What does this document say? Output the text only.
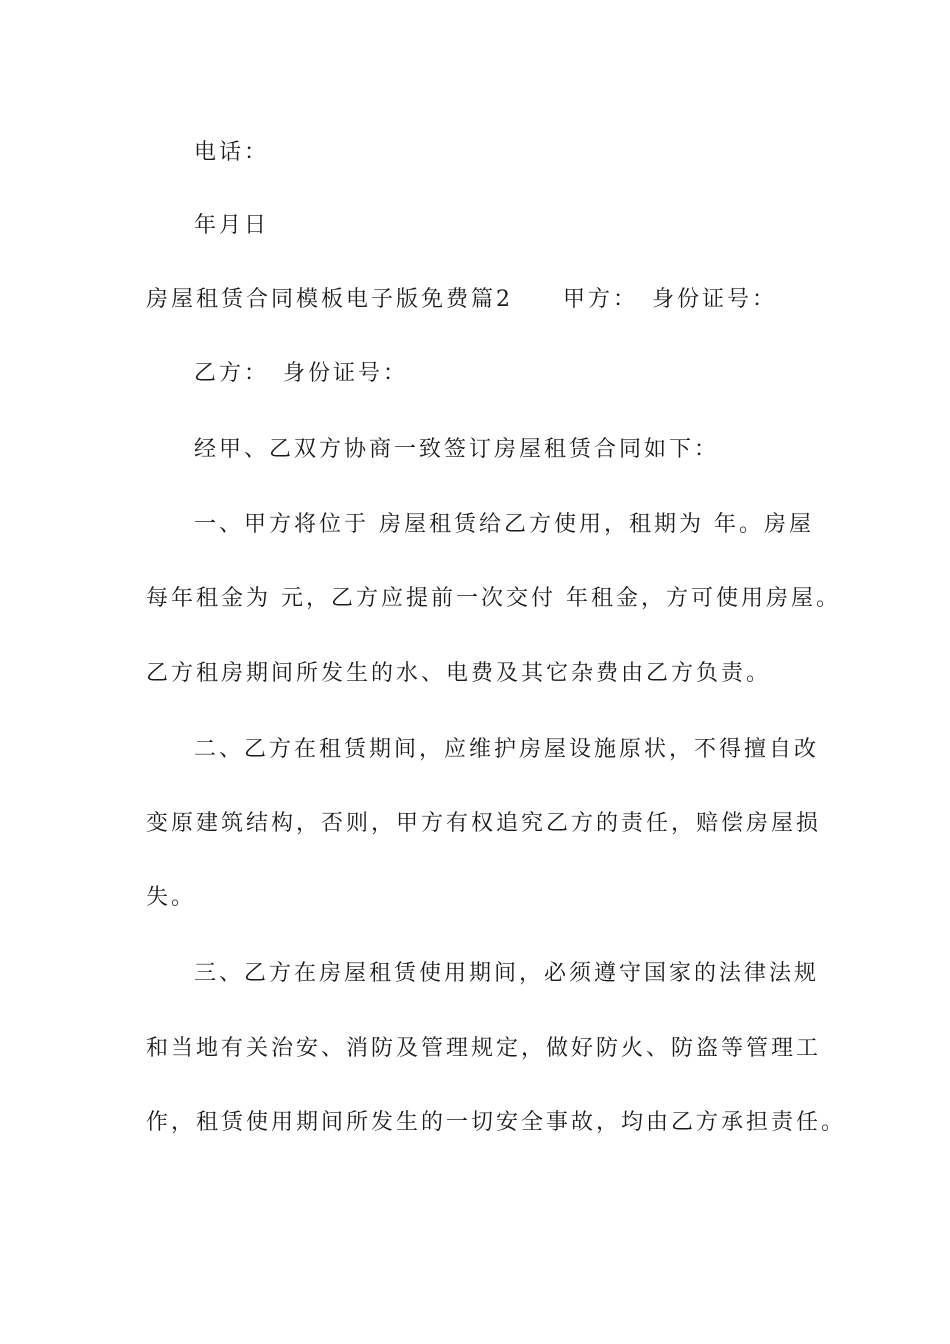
电话：
年月日
房屋租赁合同模板电子版免费篇2 甲方：　身份证号：
乙方：　身份证号：
经甲、乙双方协商一致签订房屋租赁合同如下：
一、甲方将位于 房屋租赁给乙方使用，租期为 年。房屋
每年租金为 元，乙方应提前一次交付 年租金，方可使用房屋。
乙方租房期间所发生的水、电费及其它杂费由乙方负责。
二、乙方在租赁期间，应维护房屋设施原状，不得擅自改
变原建筑结构，否则，甲方有权追究乙方的责任，赔偿房屋损
失。
三、乙方在房屋租赁使用期间，必须遵守国家的法律法规
和当地有关治安、消防及管理规定，做好防火、防盗等管理工
作，租赁使用期间所发生的一切安全事故，均由乙方承担责任。
